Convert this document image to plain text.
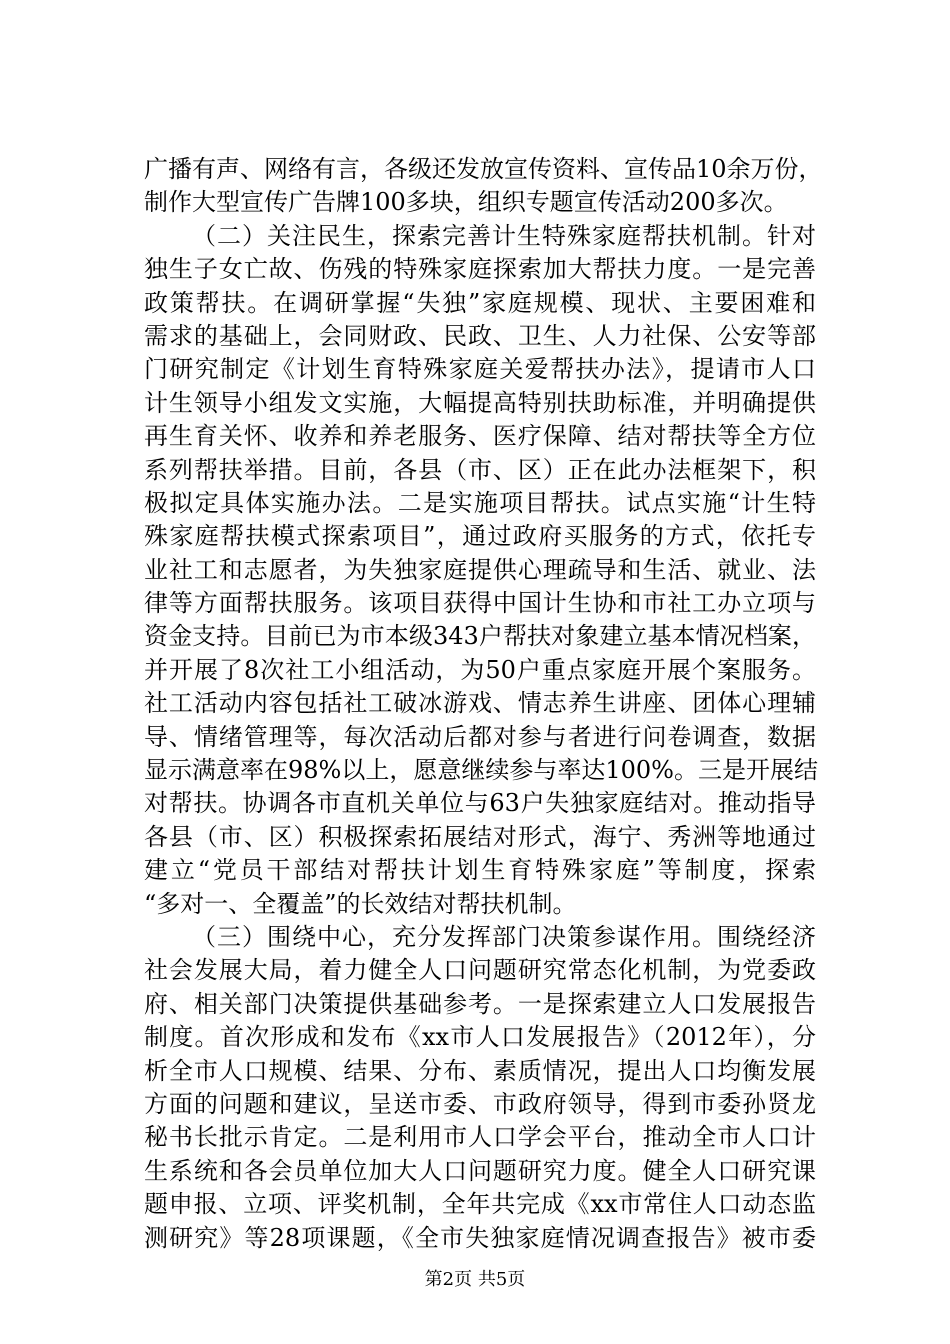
广播有声、网络有言，各级还发放宣传资料、宣传品10余万份，
制作大型宣传广告牌100多块，组织专题宣传活动200多次。
（二）关注民生，探索完善计生特殊家庭帮扶机制。针对
独生子女亡故、伤残的特殊家庭探索加大帮扶力度。一是完善
政策帮扶。在调研掌握“失独”家庭规模、现状、主要困难和
需求的基础上，会同财政、民政、卫生、人力社保、公安等部
门研究制定《计划生育特殊家庭关爱帮扶办法》，提请市人口
计生领导小组发文实施，大幅提高特别扶助标准，并明确提供
再生育关怀、收养和养老服务、医疗保障、结对帮扶等全方位
系列帮扶举措。目前，各县（市、区）正在此办法框架下，积
极拟定具体实施办法。二是实施项目帮扶。试点实施“计生特
殊家庭帮扶模式探索项目”，通过政府买服务的方式，依托专
业社工和志愿者，为失独家庭提供心理疏导和生活、就业、法
律等方面帮扶服务。该项目获得中国计生协和市社工办立项与
资金支持。目前已为市本级343户帮扶对象建立基本情况档案，
并开展了8次社工小组活动，为50户重点家庭开展个案服务。
社工活动内容包括社工破冰游戏、情志养生讲座、团体心理辅
导、情绪管理等，每次活动后都对参与者进行问卷调查，数据
显示满意率在98%以上，愿意继续参与率达100%。三是开展结
对帮扶。协调各市直机关单位与63户失独家庭结对。推动指导
各县（市、区）积极探索拓展结对形式，海宁、秀洲等地通过
建立“党员干部结对帮扶计划生育特殊家庭”等制度，探索
“多对一、全覆盖”的长效结对帮扶机制。
（三）围绕中心，充分发挥部门决策参谋作用。围绕经济
社会发展大局，着力健全人口问题研究常态化机制，为党委政
府、相关部门决策提供基础参考。一是探索建立人口发展报告
制度。首次形成和发布《xx市人口发展报告》（2012年），分
析全市人口规模、结果、分布、素质情况，提出人口均衡发展
方面的问题和建议，呈送市委、市政府领导，得到市委孙贤龙
秘书长批示肯定。二是利用市人口学会平台，推动全市人口计
生系统和各会员单位加大人口问题研究力度。健全人口研究课
题申报、立项、评奖机制，全年共完成《xx市常住人口动态监
测研究》等28项课题，《全市失独家庭情况调查报告》被市委
第2页 共5页
